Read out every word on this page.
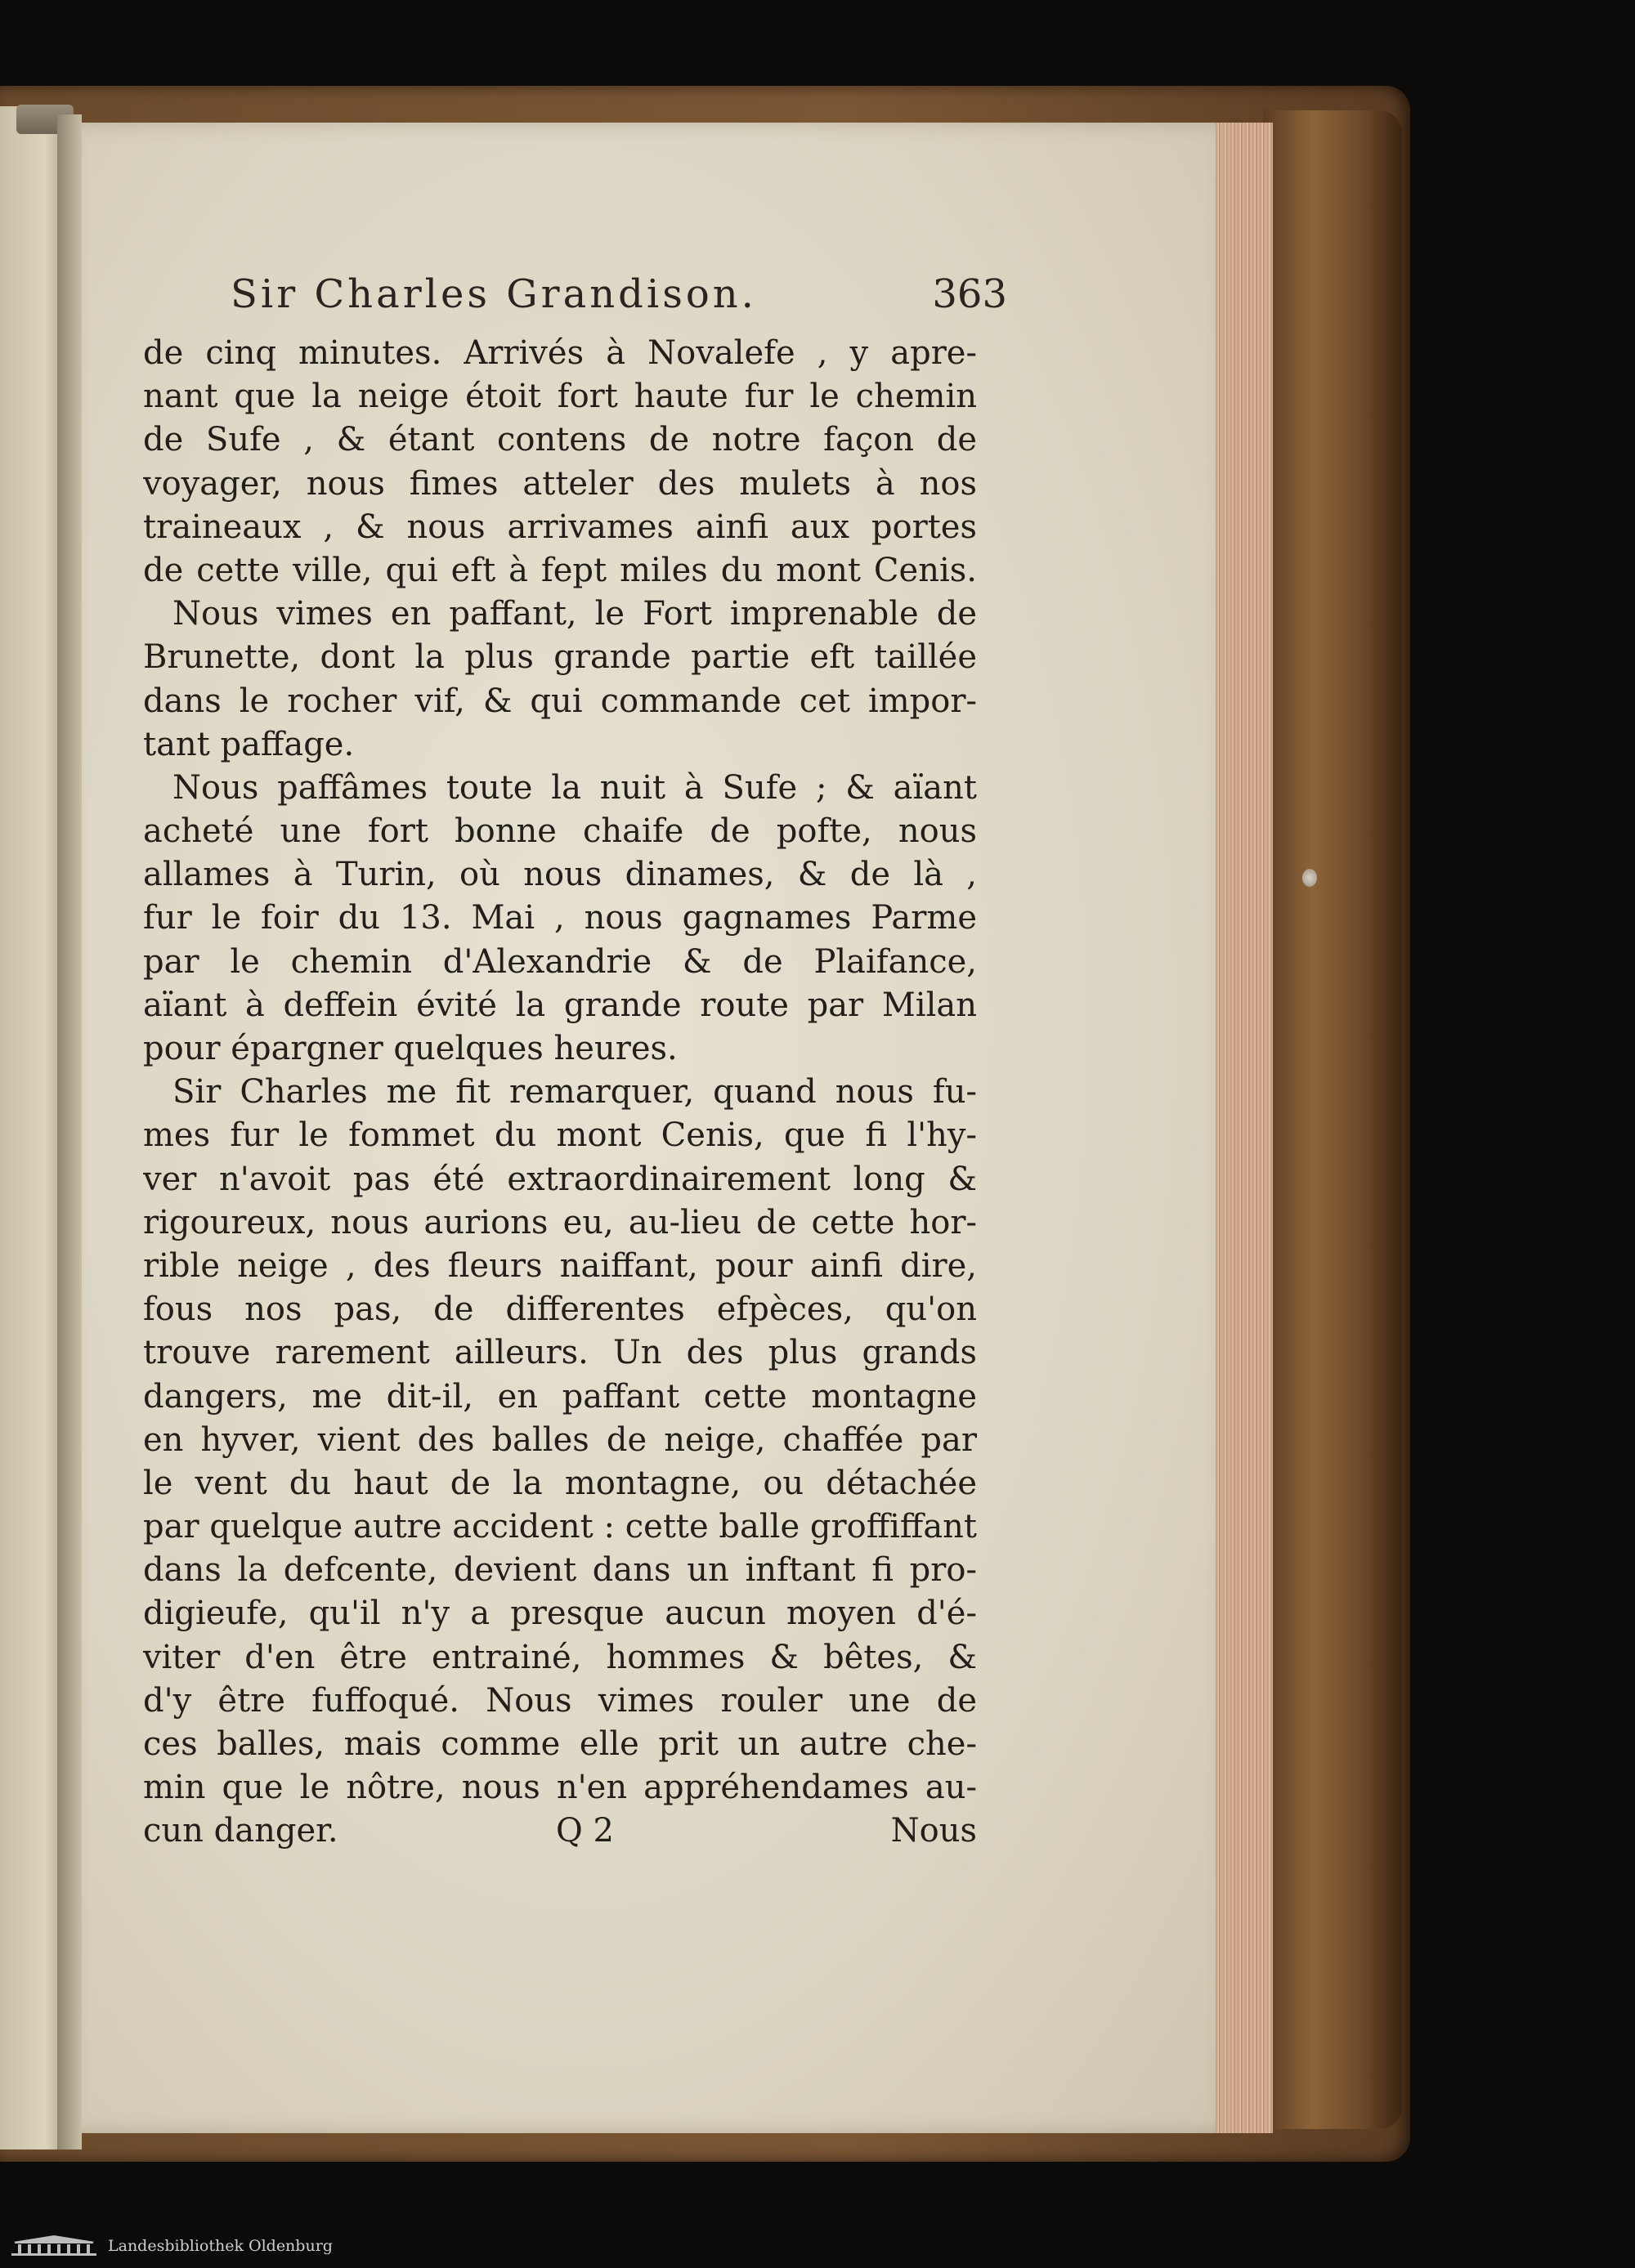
Sir Charles Grandison.	363
de cinq minutes. Arrivés à Novalefe , y apre-
nant que la neige étoit fort haute fur le chemin
de Sufe , & étant contens de notre façon de
voyager, nous fimes atteler des mulets à nos
traineaux , & nous arrivames ainfi aux portes
de cette ville, qui eft à fept miles du mont Cenis.
Nous vimes en paffant, le Fort imprenable de
Brunette, dont la plus grande partie eft taillée
dans le rocher vif, & qui commande cet impor-
tant paffage.
Nous paffâmes toute la nuit à Sufe ; & aïant
acheté une fort bonne chaife de pofte, nous
allames à Turin, où nous dinames, & de là ,
fur le foir du 13. Mai , nous gagnames Parme
par le chemin d'Alexandrie & de Plaifance,
aïant à deffein évité la grande route par Milan
pour épargner quelques heures.
Sir Charles me fit remarquer, quand nous fu-
mes fur le fommet du mont Cenis, que fi l'hy-
ver n'avoit pas été extraordinairement long &
rigoureux, nous aurions eu, au-lieu de cette hor-
rible neige , des fleurs naiffant, pour ainfi dire,
fous nos pas, de differentes efpèces, qu'on
trouve rarement ailleurs. Un des plus grands
dangers, me dit-il, en paffant cette montagne
en hyver, vient des balles de neige, chaffée par
le vent du haut de la montagne, ou détachée
par quelque autre accident : cette balle groffiffant
dans la defcente, devient dans un inftant fi pro-
digieufe, qu'il n'y a presque aucun moyen d'é-
viter d'en être entrainé, hommes & bêtes, &
d'y être fuffoqué. Nous vimes rouler une de
ces balles, mais comme elle prit un autre che-
min que le nôtre, nous n'en appréhendames au-
cun danger.	Q 2	Nous
Landesbibliothek Oldenburg
